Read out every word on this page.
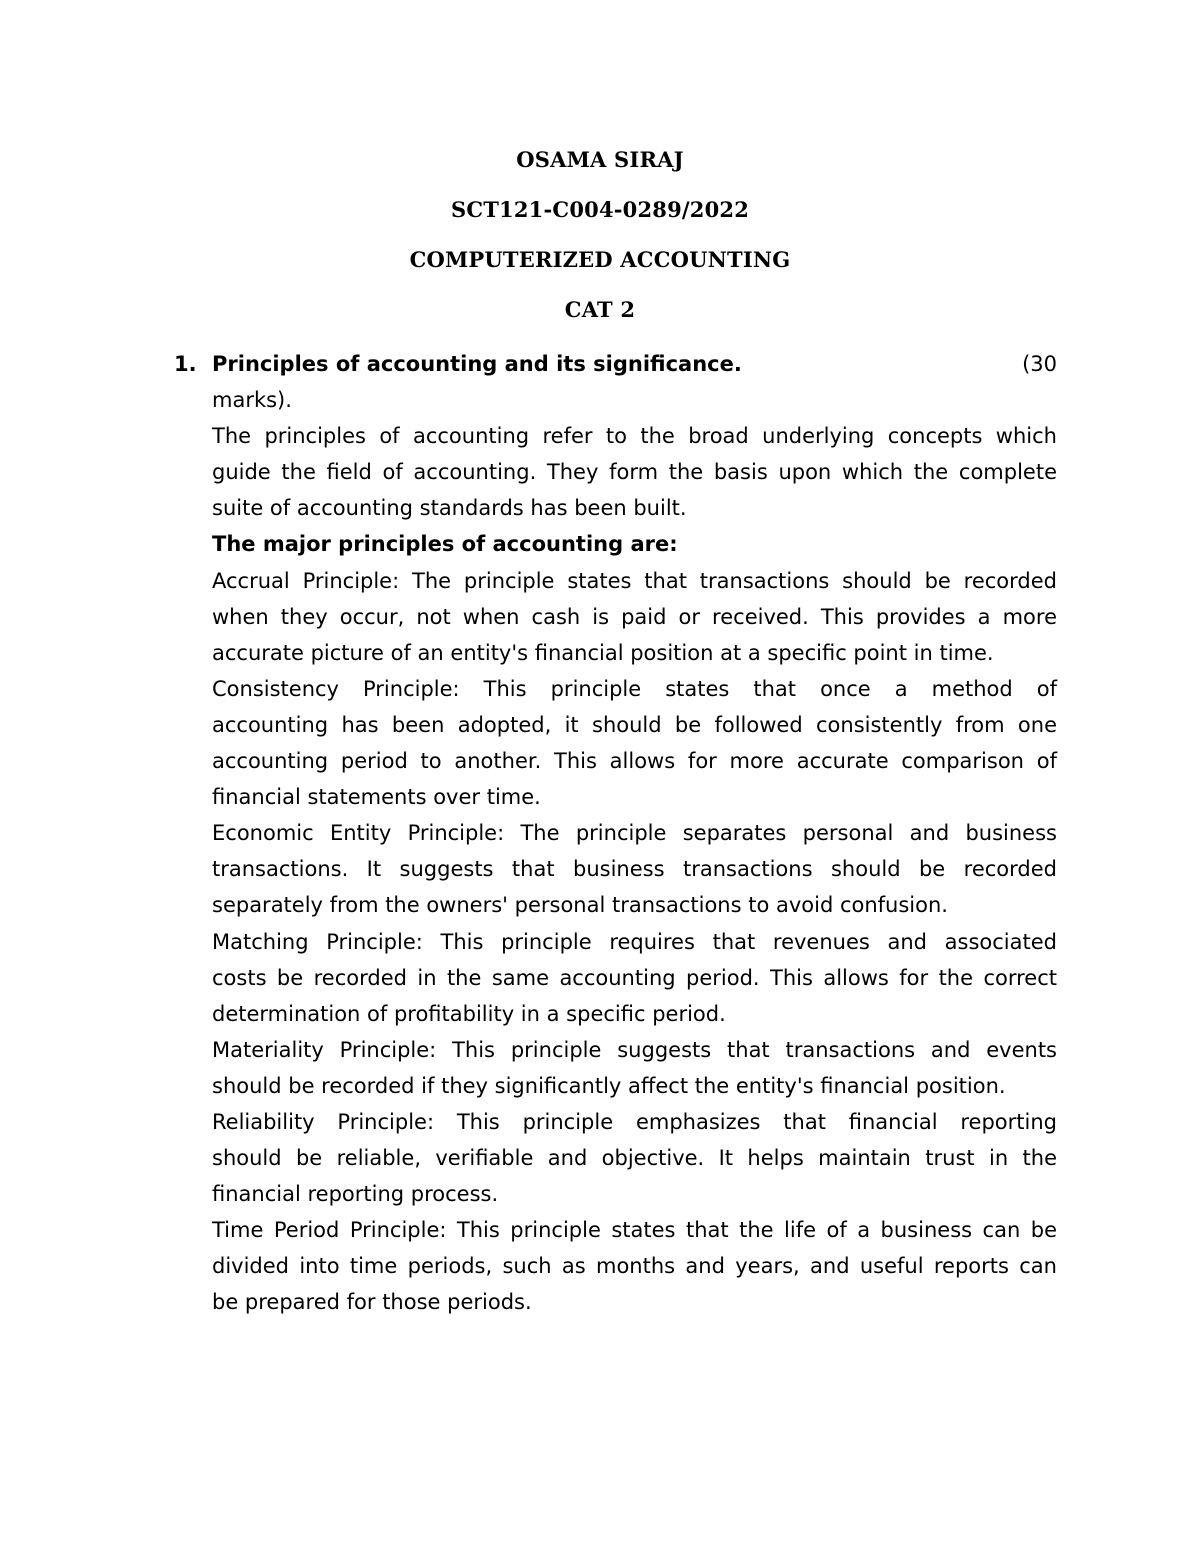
OSAMA SIRAJ
SCT121-C004-0289/2022
COMPUTERIZED ACCOUNTING
CAT 2
1. Principles of accounting and its significance.	(30
marks).
The principles of accounting refer to the broad underlying concepts which
guide the field of accounting. They form the basis upon which the complete
suite of accounting standards has been built.
The major principles of accounting are:
Accrual Principle: The principle states that transactions should be recorded
when they occur, not when cash is paid or received. This provides a more
accurate picture of an entity's financial position at a specific point in time.
Consistency Principle: This principle states that once a method of
accounting has been adopted, it should be followed consistently from one
accounting period to another. This allows for more accurate comparison of
financial statements over time.
Economic Entity Principle: The principle separates personal and business
transactions. It suggests that business transactions should be recorded
separately from the owners' personal transactions to avoid confusion.
Matching Principle: This principle requires that revenues and associated
costs be recorded in the same accounting period. This allows for the correct
determination of profitability in a specific period.
Materiality Principle: This principle suggests that transactions and events
should be recorded if they significantly affect the entity's financial position.
Reliability Principle: This principle emphasizes that financial reporting
should be reliable, verifiable and objective. It helps maintain trust in the
financial reporting process.
Time Period Principle: This principle states that the life of a business can be
divided into time periods, such as months and years, and useful reports can
be prepared for those periods.
